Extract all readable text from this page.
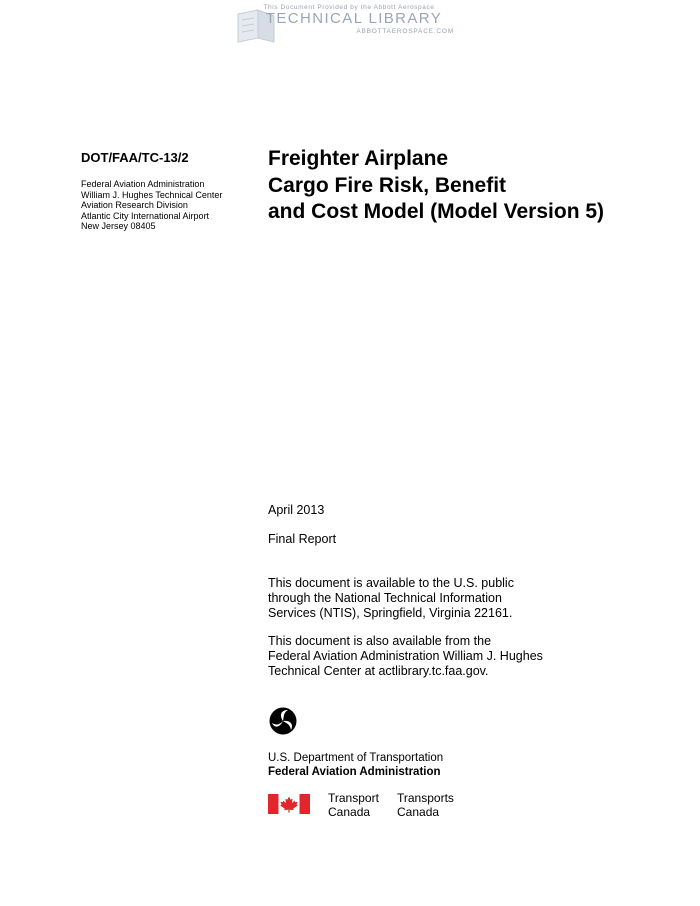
This Document Provided by the Abbott Aerospace
TECHNICAL LIBRARY
ABBOTTAEROSPACE.COM
DOT/FAA/TC-13/2
Federal Aviation Administration
William J. Hughes Technical Center
Aviation Research Division
Atlantic City International Airport
New Jersey 08405
Freighter Airplane
Cargo Fire Risk, Benefit
and Cost Model (Model Version 5)
April 2013
Final Report
This document is available to the U.S. public
through the National Technical Information
Services (NTIS), Springfield, Virginia 22161.
This document is also available from the
Federal Aviation Administration William J. Hughes
Technical Center at actlibrary.tc.faa.gov.
U.S. Department of Transportation
Federal Aviation Administration
Transport
Canada
Transports
Canada
